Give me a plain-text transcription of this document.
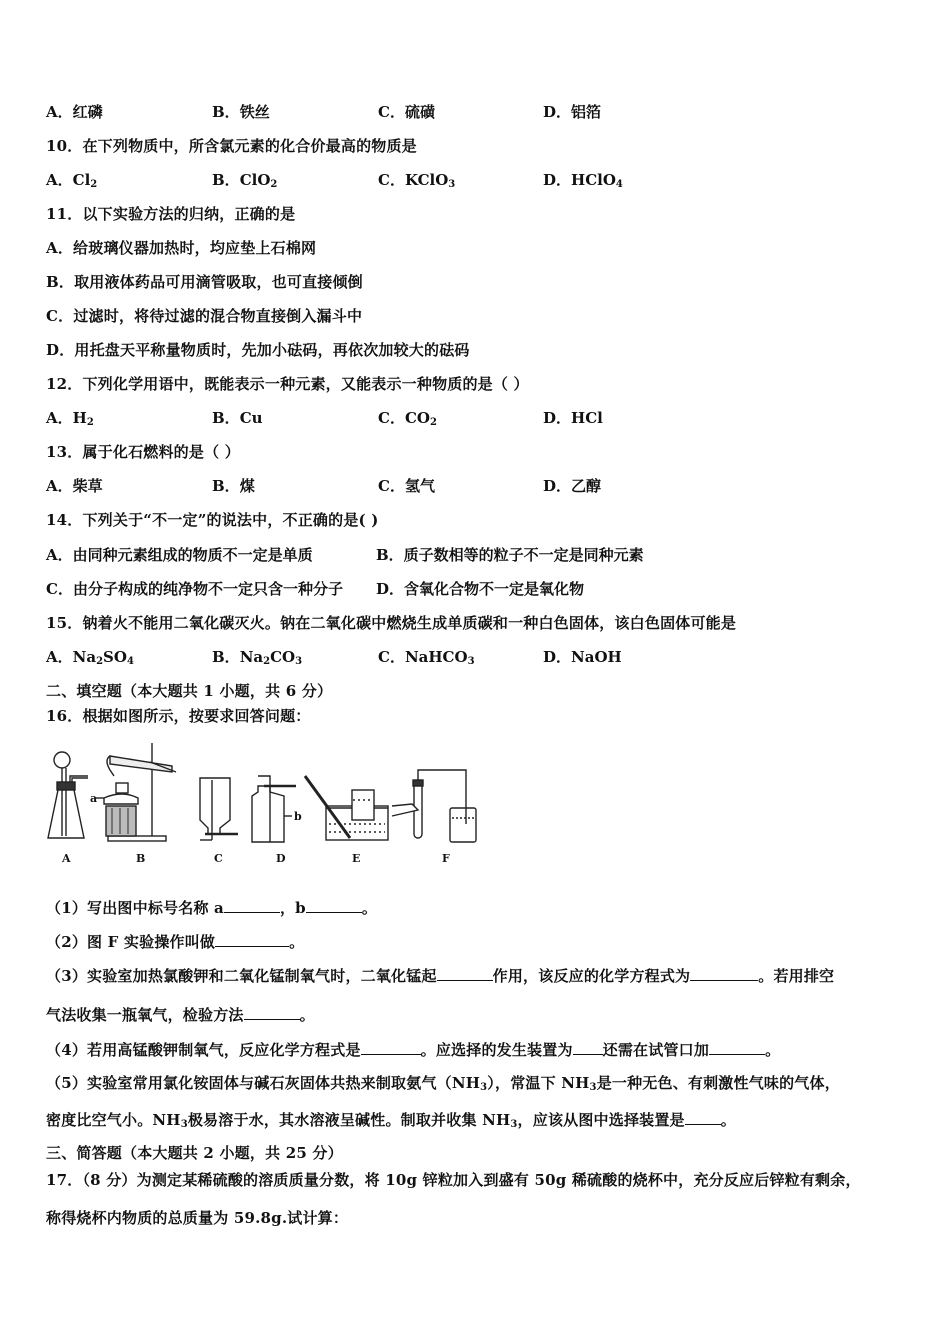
A．红磷	B．铁丝	C．硫磺	D．铝箔
10．在下列物质中，所含氯元素的化合价最高的物质是
A．$Cl_2$	B．ClO$_2$	C．KClO$_3$	D．HClO$_4$
11．以下实验方法的归纳，正确的是
A．给玻璃仪器加热时，均应垫上石棉网
B．取用液体药品可用滴管吸取，也可直接倾倒
C．过滤时，将待过滤的混合物直接倒入漏斗中
D．用托盘天平称量物质时，先加小砝码，再依次加较大的砝码
12．下列化学用语中，既能表示一种元素，又能表示一种物质的是（ ）
A．$H_2$	B．Cu	C．$CO_2$	D．HCl
13．属于化石燃料的是（ ）
A．柴草	B．煤	C．氢气	D．乙醇
14．下列关于“不一定”的说法中，不正确的是( )
A．由同种元素组成的物质不一定是单质	B．质子数相等的粒子不一定是同种元素
C．由分子构成的纯净物不一定只含一种分子 D．含氧化合物不一定是氧化物
15．钠着火不能用二氧化碳灭火。钠在二氧化碳中燃烧生成单质碳和一种白色固体，该白色固体可能是
A．$Na_2SO_4$	B．$Na_2CO_3$	C．NaHCO$_3$	D．NaOH
二、填空题（本大题共 1 小题，共 6 分）
16．根据如图所示，按要求回答问题：
a
b
A	B	C	D	E	F
（1）写出图中标号名称 a	，b	。
（2）图 F 实验操作叫做	。
（3）实验室加热氯酸钾和二氧化锰制氧气时，二氧化锰起	作用，该反应的化学方程式为	。若用排空
气法收集一瓶氧气，检验方法	。
（4）若用高锰酸钾制氧气，反应化学方程式是	。应选择的发生装置为 还需在试管口加	。
（5）实验室常用氯化铵固体与碱石灰固体共热来制取氨气$(NH_3)$，常温下 $NH_3$是一种无色、有刺激性气味的气体，
密度比空气小。$NH_3$极易溶于水，其水溶液呈碱性。制取并收集 $NH_3$，应该从图中选择装置是 。
三、简答题（本大题共 2 小题，共 25 分）
17．（8 分）为测定某稀硫酸的溶质质量分数，将 10g 锌粒加入到盛有 50g 稀硫酸的烧杯中，充分反应后锌粒有剩余，
称得烧杯内物质的总质量为 59.8g.试计算：
